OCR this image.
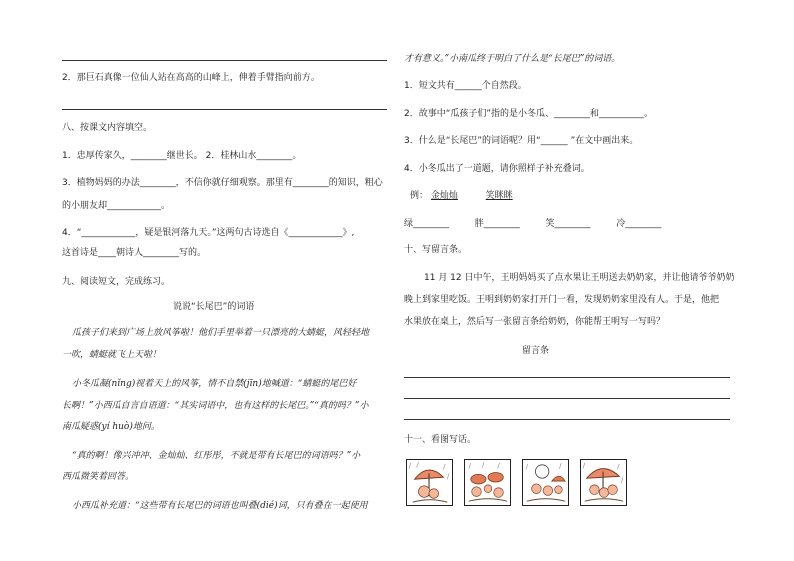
2．那巨石真像一位仙人站在高高的山峰上，伸着手臂指向前方。
八、按课文内容填空。
1．忠厚传家久，________继世长。 2．桂林山水________。
3．植物妈妈的办法________，不信你就仔细观察。那里有________的知识，粗心
的小朋友却____________。
4．“____________，疑是银河落九天。”这两句古诗选自《____________》,
这首诗是____朝诗人________写的。
九、阅读短文，完成练习。
说说“长尾巴”的词语
瓜孩子们来到广场上放风筝啦！他们手里举着一只漂亮的大蜻蜓，风轻轻地
一吹，蜻蜓就飞上天啦！
小冬瓜凝(nǐng)视着天上的风筝，情不自禁(jīn)地喊道：“蜻蜓的尾巴好
长啊！”小西瓜自言自语道：“其实词语中，也有这样的长尾巴。”“真的吗？”小
南瓜疑惑(yí huò)地问。
“真的啊！像兴冲冲、金灿灿、红彤彤，不就是带有长尾巴的词语吗？”小
西瓜微笑着回答。
小西瓜补充道：“这些带有长尾巴的词语也叫叠(dié)词，只有叠在一起使用
才有意义。”小南瓜终于明白了什么是“长尾巴”的词语。
1．短文共有______个自然段。
2．故事中“瓜孩子们”指的是小冬瓜、________和__________。
3．什么是“长尾巴”的词语呢？用“______ ”在文中画出来。
4．小冬瓜出了一道题，请你照样子补充叠词。
例： 金灿灿	笑眯眯
绿________	胖________	笑________	冷________
十、写留言条。
11 月 12 日中午，王明妈妈买了点水果让王明送去奶奶家，并让他请爷爷奶奶
晚上到家里吃饭。王明到奶奶家打开门一看，发现奶奶家里没有人。于是，他把
水果放在桌上，然后写一张留言条给奶奶，你能帮王明写一写吗？
留言条
十一、看图写话。
